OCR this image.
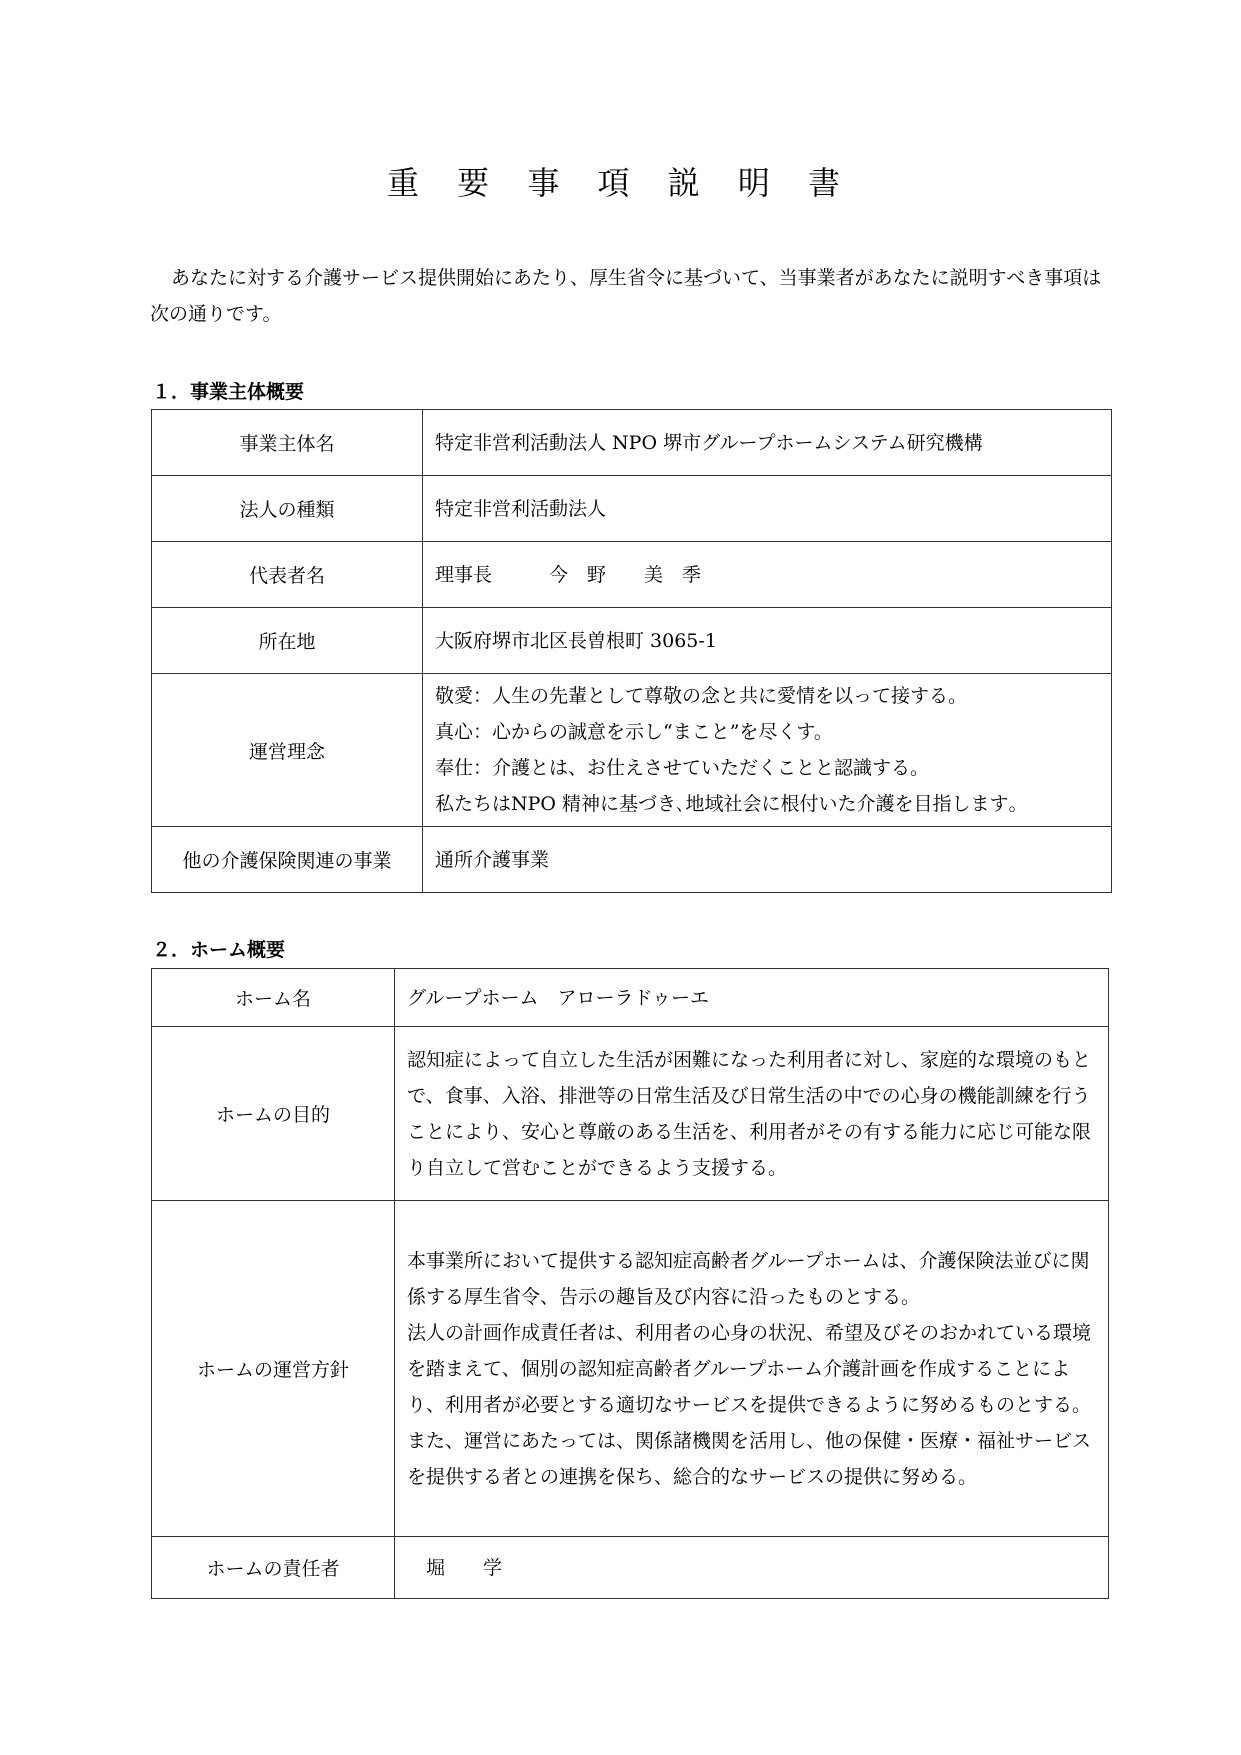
重 要 事 項 説 明 書

あなたに対する介護サービス提供開始にあたり、厚生省令に基づいて、当事業者があなたに説明すべき事項は次の通りです。

１．事業主体概要
事業主体名	特定非営利活動法人 NPO 堺市グループホームシステム研究機構
法人の種類	特定非営利活動法人
代表者名	理事長　　　今　野　　美　季
所在地	大阪府堺市北区長曽根町 3065-1
運営理念	敬愛：人生の先輩として尊敬の念と共に愛情を以って接する。
真心：心からの誠意を示し“まこと”を尽くす。
奉仕：介護とは、お仕えさせていただくことと認識する。
私たちはNPO 精神に基づき､地域社会に根付いた介護を目指します｡

他の介護保険関連の事業	通所介護事業
２．ホーム概要
ホーム名	グループホーム　アローラドゥーエ
ホームの目的	認知症によって自立した生活が困難になった利用者に対し、家庭的な環境のもとで、食事、入浴、排泄等の日常生活及び日常生活の中での心身の機能訓練を行うことにより、安心と尊厳のある生活を、利用者がその有する能力に応じ可能な限り自立して営むことができるよう支援する。
ホームの運営方針	本事業所において提供する認知症高齢者グループホームは、介護保険法並びに関係する厚生省令、告示の趣旨及び内容に沿ったものとする。
法人の計画作成責任者は、利用者の心身の状況、希望及びそのおかれている環境を踏まえて、個別の認知症高齢者グループホーム介護計画を作成することにより、利用者が必要とする適切なサービスを提供できるように努めるものとする。また、運営にあたっては、関係諸機関を活用し、他の保健・医療・福祉サービスを提供する者との連携を保ち、総合的なサービスの提供に努める。

ホームの責任者	　堀　　学
